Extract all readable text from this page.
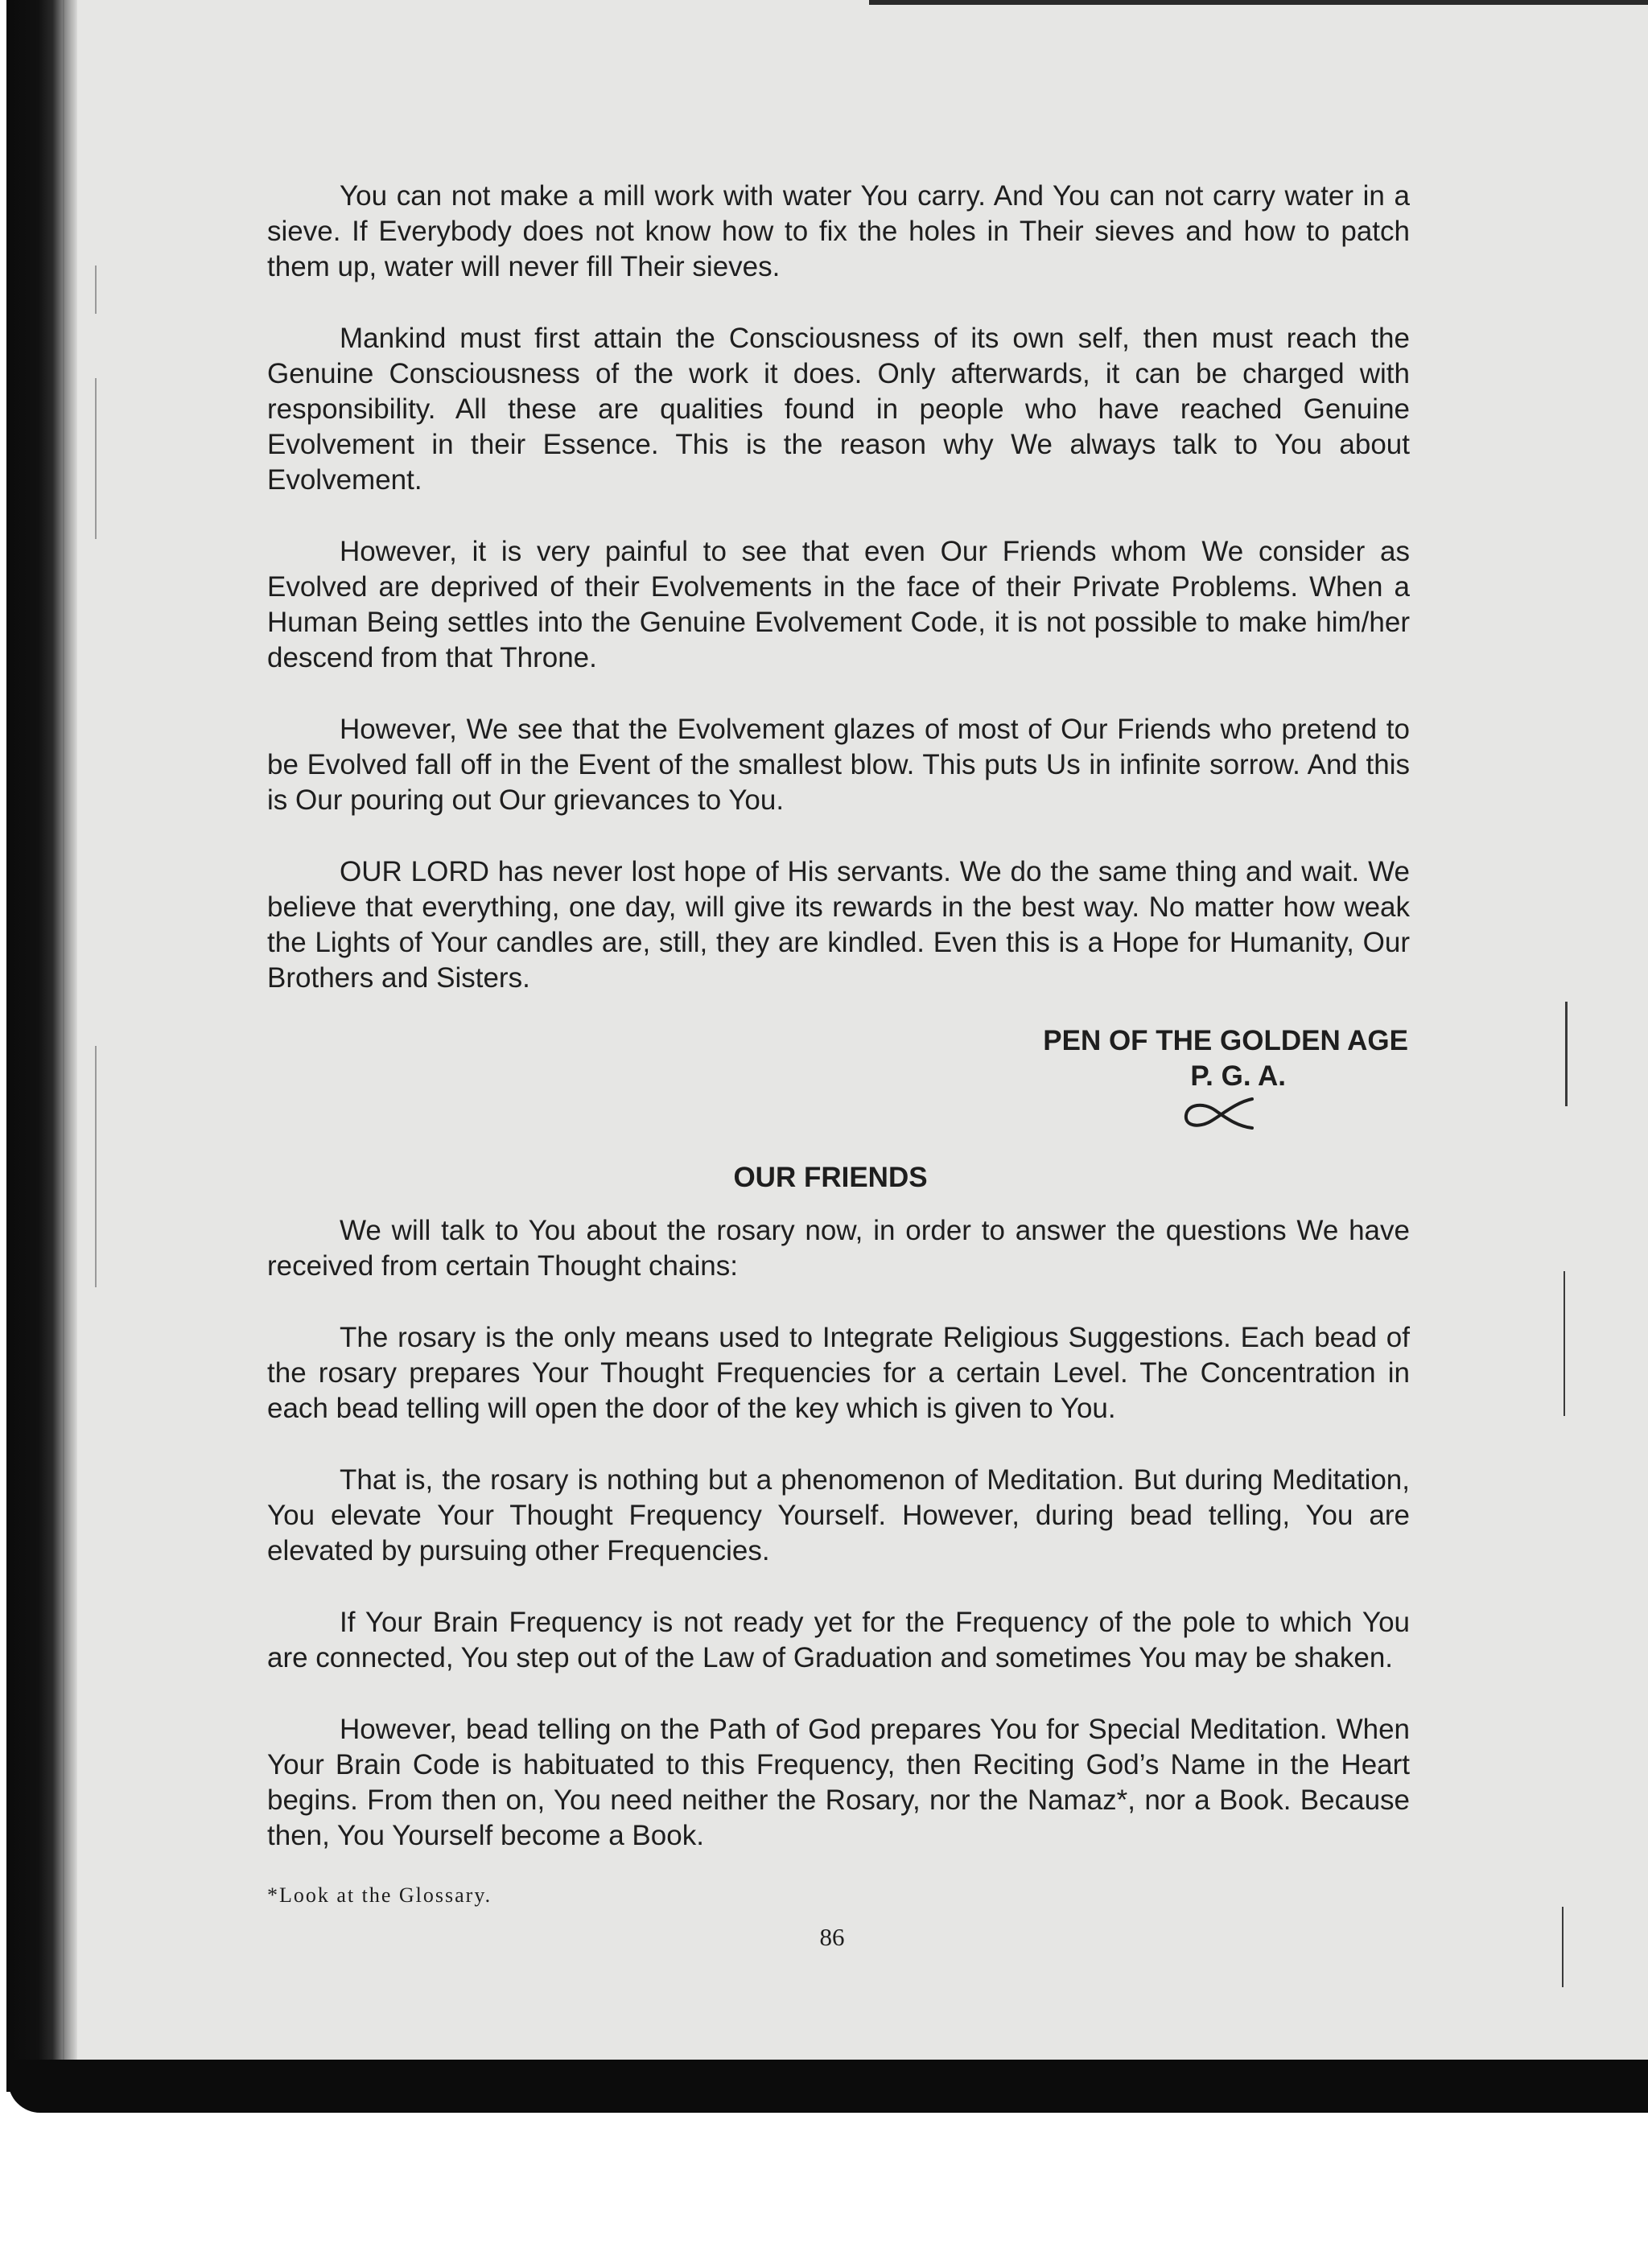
You can not make a mill work with water You carry. And You can not carry water in a sieve. If Everybody does not know how to fix the holes in Their sieves and how to patch them up, water will never fill Their sieves.

Mankind must first attain the Consciousness of its own self, then must reach the Genuine Consciousness of the work it does. Only afterwards, it can be charged with responsibility. All these are qualities found in people who have reached Genuine Evolvement in their Essence. This is the reason why We always talk to You about Evolvement.

However, it is very painful to see that even Our Friends whom We consider as Evolved are deprived of their Evolvements in the face of their Private Problems. When a Human Being settles into the Genuine Evolvement Code, it is not possible to make him/her descend from that Throne.

However, We see that the Evolvement glazes of most of Our Friends who pretend to be Evolved fall off in the Event of the smallest blow. This puts Us in infinite sorrow. And this is Our pouring out Our grievances to You.

OUR LORD has never lost hope of His servants. We do the same thing and wait. We believe that everything, one day, will give its rewards in the best way. No matter how weak the Lights of Your candles are, still, they are kindled. Even this is a Hope for Humanity, Our Brothers and Sisters.

PEN OF THE GOLDEN AGE
P. G. A.
OUR FRIENDS

We will talk to You about the rosary now, in order to answer the questions We have received from certain Thought chains:

The rosary is the only means used to Integrate Religious Suggestions. Each bead of the rosary prepares Your Thought Frequencies for a certain Level. The Concentration in each bead telling will open the door of the key which is given to You.

That is, the rosary is nothing but a phenomenon of Meditation. But during Meditation, You elevate Your Thought Frequency Yourself. However, during bead telling, You are elevated by pursuing other Frequencies.

If Your Brain Frequency is not ready yet for the Frequency of the pole to which You are connected, You step out of the Law of Graduation and sometimes You may be shaken.

However, bead telling on the Path of God prepares You for Special Meditation. When Your Brain Code is habituated to this Frequency, then Reciting God’s Name in the Heart begins. From then on, You need neither the Rosary, nor the Namaz*, nor a Book. Because then, You Yourself become a Book.

*Look at the Glossary.
86
